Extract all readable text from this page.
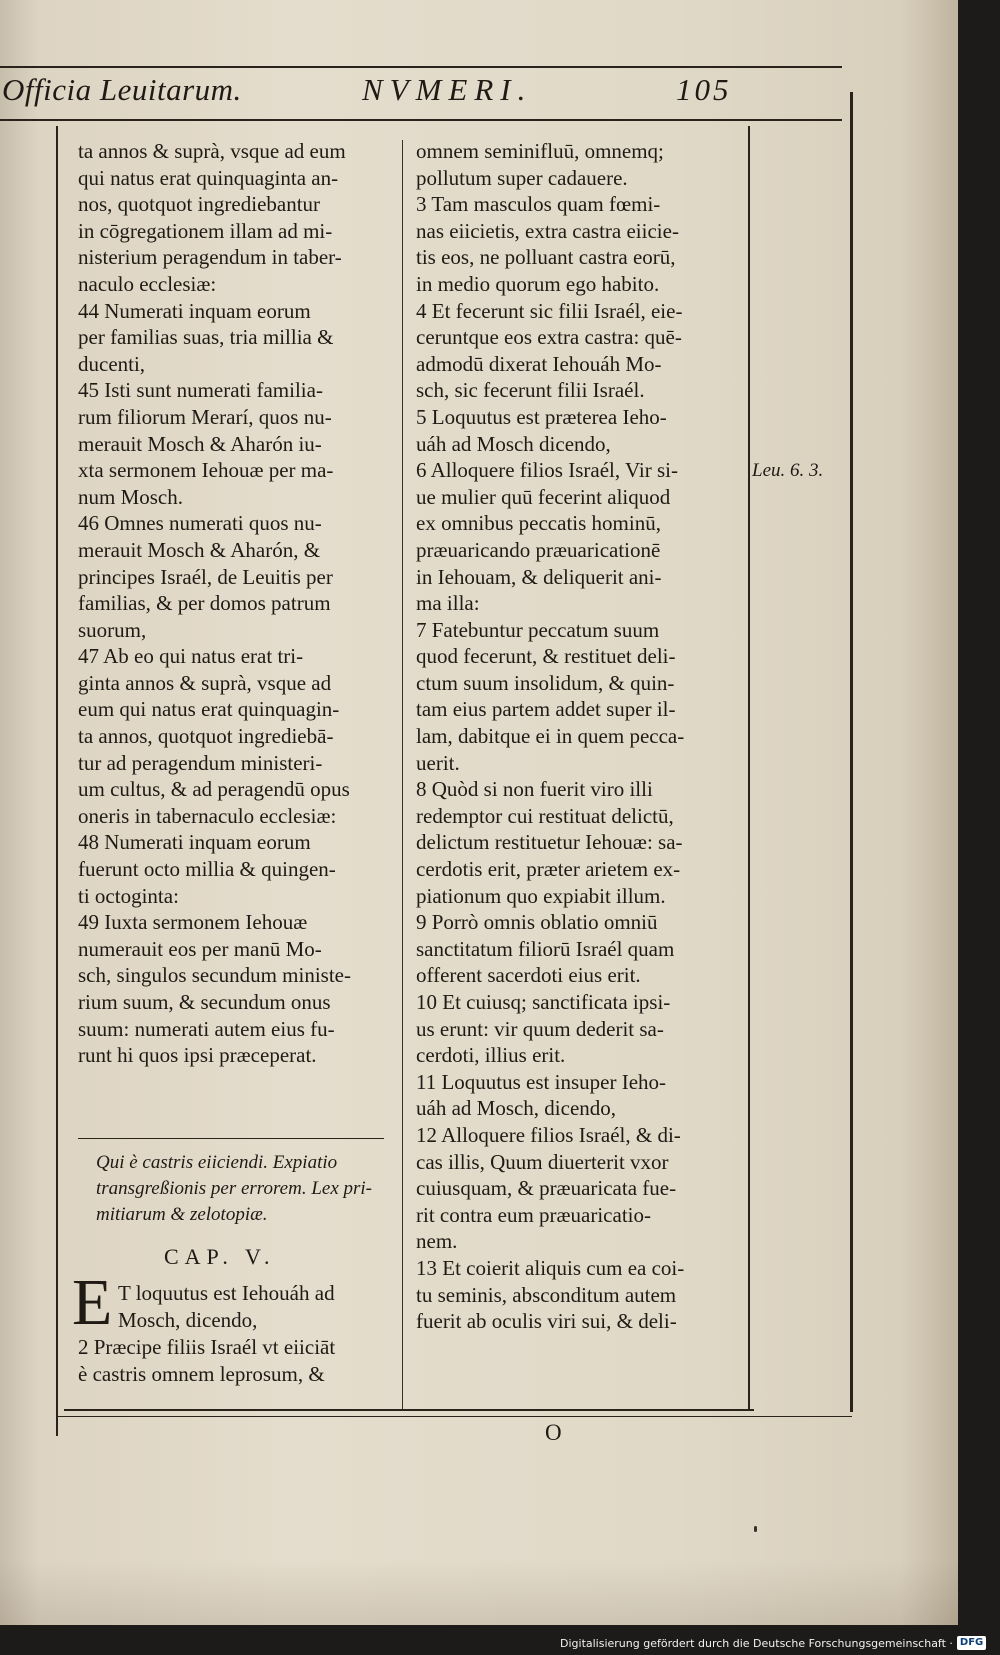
Officia Leuitarum.	NVMERI.	105

ta annos & suprà, vsque ad eum

qui natus erat quinquaginta an-

nos, quotquot ingrediebantur

in cōgregationem illam ad mi-

nisterium peragendum in taber-

naculo ecclesiæ:

44 Numerati inquam eorum

per familias suas, tria millia &

ducenti,

45 Isti sunt numerati familia-

rum filiorum Merarí, quos nu-

merauit Mosch & Aharón iu-

xta sermonem Iehouæ per ma-

num Mosch.

46 Omnes numerati quos nu-

merauit Mosch & Aharón, &

principes Israél, de Leuitis per

familias, & per domos patrum

suorum,

47 Ab eo qui natus erat tri-

ginta annos & suprà, vsque ad

eum qui natus erat quinquagin-

ta annos, quotquot ingrediebā-

tur ad peragendum ministeri-

um cultus, & ad peragendū opus

oneris in tabernaculo ecclesiæ:

48 Numerati inquam eorum

fuerunt octo millia & quingen-

ti octoginta:

49 Iuxta sermonem Iehouæ

numerauit eos per manū Mo-

sch, singulos secundum ministe-

rium suum, & secundum onus

suum: numerati autem eius fu-

runt hi quos ipsi præceperat.

Qui è castris eiiciendi. Expiatio

transgreßionis per errorem. Lex pri-

mitiarum & zelotopiæ.

CAP. V.
E T loquutus est Iehouáh ad

Mosch, dicendo,

2 Præcipe filiis Israél vt eiiciāt

è castris omnem leprosum, &

omnem seminifluū, omnemq;

pollutum super cadauere.

3 Tam masculos quam fœmi-

nas eiicietis, extra castra eiicie-

tis eos, ne polluant castra eorū,

in medio quorum ego habito.

4 Et fecerunt sic filii Israél, eie-

ceruntque eos extra castra: quē-

admodū dixerat Iehouáh Mo-

sch, sic fecerunt filii Israél.

5 Loquutus est præterea Ieho-

uáh ad Mosch dicendo,

6 Alloquere filios Israél, Vir si-

ue mulier quū fecerint aliquod

ex omnibus peccatis hominū,

præuaricando præuaricationē

in Iehouam, & deliquerit ani-

ma illa:

7 Fatebuntur peccatum suum

quod fecerunt, & restituet deli-

ctum suum insolidum, & quin-

tam eius partem addet super il-

lam, dabitque ei in quem pecca-

uerit.

8 Quòd si non fuerit viro illi

redemptor cui restituat delictū,

delictum restituetur Iehouæ: sa-

cerdotis erit, præter arietem ex-

piationum quo expiabit illum.

9 Porrò omnis oblatio omniū

sanctitatum filiorū Israél quam

offerent sacerdoti eius erit.

10 Et cuiusq; sanctificata ipsi-

us erunt: vir quum dederit sa-

cerdoti, illius erit.

11 Loquutus est insuper Ieho-

uáh ad Mosch, dicendo,

12 Alloquere filios Israél, & di-

cas illis, Quum diuerterit vxor

cuiusquam, & præuaricata fue-

rit contra eum præuaricatio-

nem.

13 Et coierit aliquis cum ea coi-

tu seminis, absconditum autem

fuerit ab oculis viri sui, & deli-

Leu. 6. 3.
O
Digitalisierung gefördert durch die Deutsche Forschungsgemeinschaft · DFG
